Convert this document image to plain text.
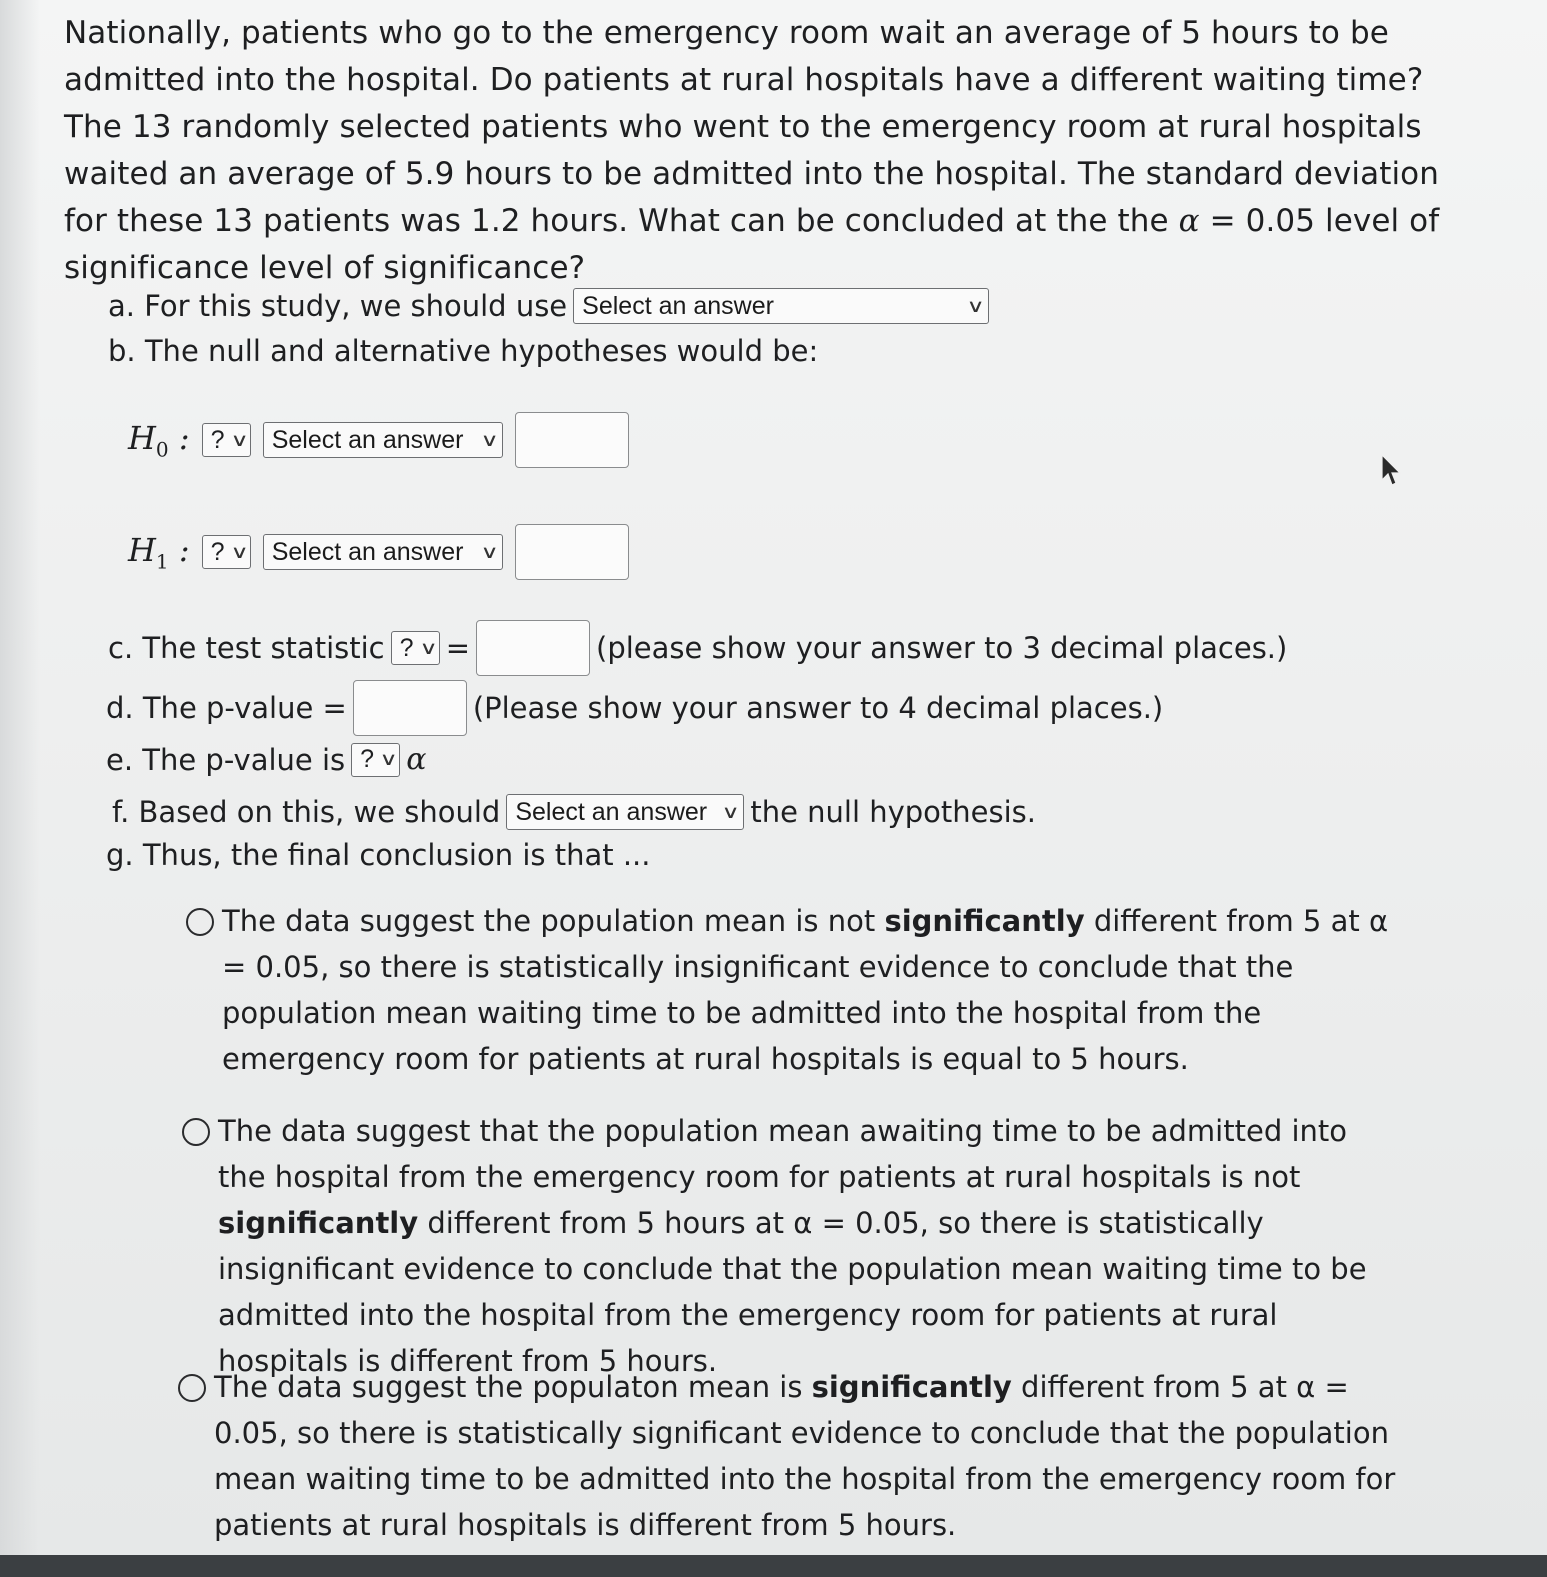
Nationally, patients who go to the emergency room wait an average of 5 hours to be admitted into the hospital. Do patients at rural hospitals have a different waiting time? The 13 randomly selected patients who went to the emergency room at rural hospitals waited an average of 5.9 hours to be admitted into the hospital. The standard deviation for these 13 patients was 1.2 hours. What can be concluded at the the α = 0.05 level of significance level of significance?
a. For this study, we should use Select an answer	∨
b. The null and alternative hypotheses would be:
$H_0$ : ? ∨ Select an answer ∨
$H_1$ : ? ∨ Select an answer ∨
c. The test statistic ? ∨ =	(please show your answer to 3 decimal places.)
d. The p-value =	(Please show your answer to 4 decimal places.)
e. The p-value is ? ∨ α
f. Based on this, we should Select an answer ∨ the null hypothesis.
g. Thus, the final conclusion is that ...
The data suggest the population mean is not significantly different from 5 at α = 0.05, so there is statistically insignificant evidence to conclude that the population mean waiting time to be admitted into the hospital from the emergency room for patients at rural hospitals is equal to 5 hours.
The data suggest that the population mean awaiting time to be admitted into the hospital from the emergency room for patients at rural hospitals is not significantly different from 5 hours at α = 0.05, so there is statistically insignificant evidence to conclude that the population mean waiting time to be admitted into the hospital from the emergency room for patients at rural hospitals is different from 5 hours.
The data suggest the populaton mean is significantly different from 5 at α = 0.05, so there is statistically significant evidence to conclude that the population mean waiting time to be admitted into the hospital from the emergency room for patients at rural hospitals is different from 5 hours.
